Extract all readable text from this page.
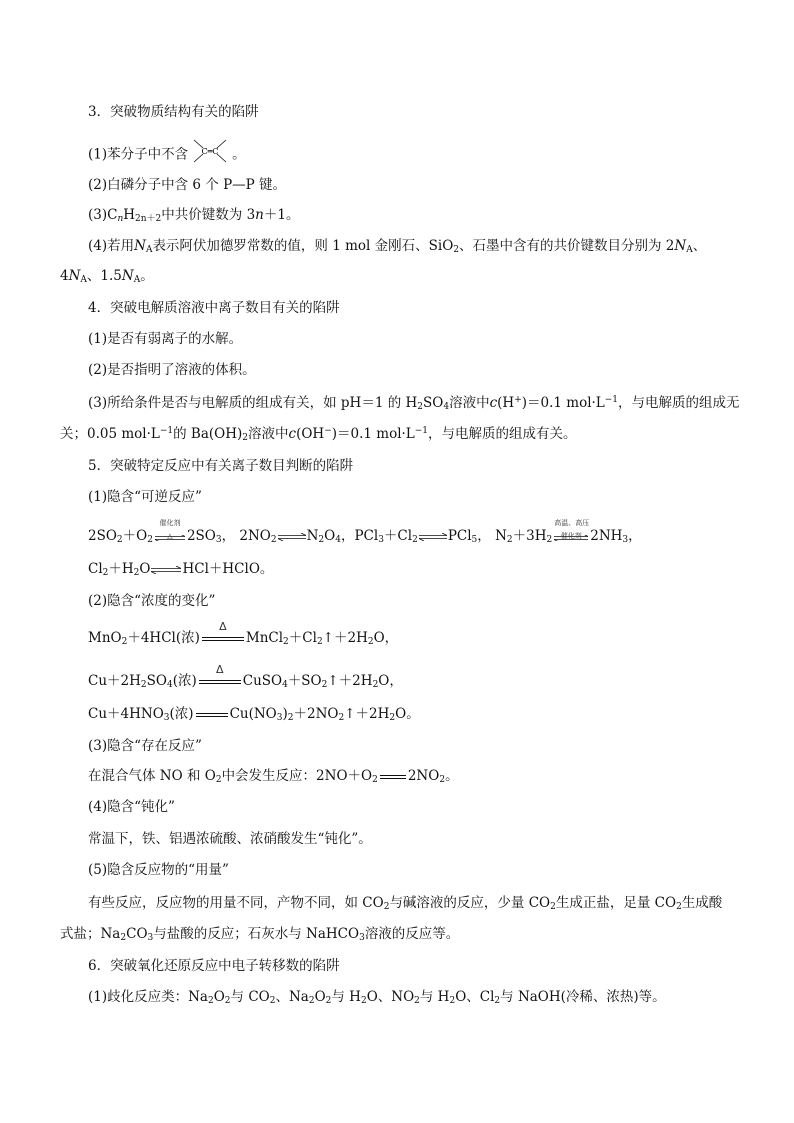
3．突破物质结构有关的陷阱
(1)苯分子中不含 C═C 。
(2)白磷分子中含 6 个 P—P 键。
$(3)C_nH_{2n+2}$中共价键数为 3n＋1。
(4)若用$N_A$表示阿伏加德罗常数的值，则 1 mol 金刚石、SiO$_2$、石墨中含有的共价键数目分别为 $2N_A$、
$4N_A$、$1.5N_A$。
4．突破电解质溶液中离子数目有关的陷阱
(1)是否有弱离子的水解。
(2)是否指明了溶液的体积。
(3)所给条件是否与电解质的组成有关，如 pH＝1 的 $H_2SO_4$溶液中c(H+)＝0.1 $mol\cdot L^{-1}$，与电解质的组成无
关；0.05 $mol\cdot L^{-1}$的 $Ba(OH)_2$溶液中c(OH−)＝0.1 $mol\cdot L^{-1}$，与电解质的组成有关。
5．突破特定反应中有关离子数目判断的陷阱
(1)隐含“可逆反应”
$2SO_2+O_2$
催化剂
△	$2SO_3$， $2NO_2\rightleftharpoons N_2O_4$，$PCl_3+Cl_2\rightleftharpoons PCl_5$， $N_2+3H_2$
高温、高压
催化剂 $2NH_3$，
$Cl_2+H_2O\rightleftharpoons HCl+HClO$。
(2)隐含“浓度的变化”
MnO$_2$＋4HCl(浓)
Δ
$MnCl_2+Cl_2↑+2H_2O$，
$Cu+2H_2SO_4$(浓)
Δ
$CuSO_4+SO_2↑+2H_2O$，
$Cu+4HNO_3$(浓)	$Cu(NO_3)_2+2NO_2↑+2H_2O$。
(3)隐含“存在反应”
在混合气体 NO 和 $O_2$中会发生反应：$2NO+O_2$ $2NO_2$。
(4)隐含“钝化”
常温下，铁、铝遇浓硫酸、浓硝酸发生“钝化”。
(5)隐含反应物的“用量”
有些反应，反应物的用量不同，产物不同，如 $CO_2$与碱溶液的反应，少量 $CO_2$生成正盐，足量 $CO_2$生成酸
式盐；$Na_2CO_3$与盐酸的反应；石灰水与 NaHCO$_3$溶液的反应等。
6．突破氧化还原反应中电子转移数的陷阱
(1)歧化反应类：$Na_2O_2$与 $CO_2$、$Na_2O_2$与 $H_2O$、$NO_2$与 $H_2O$、$Cl_2$与 NaOH(冷稀、浓热)等。
